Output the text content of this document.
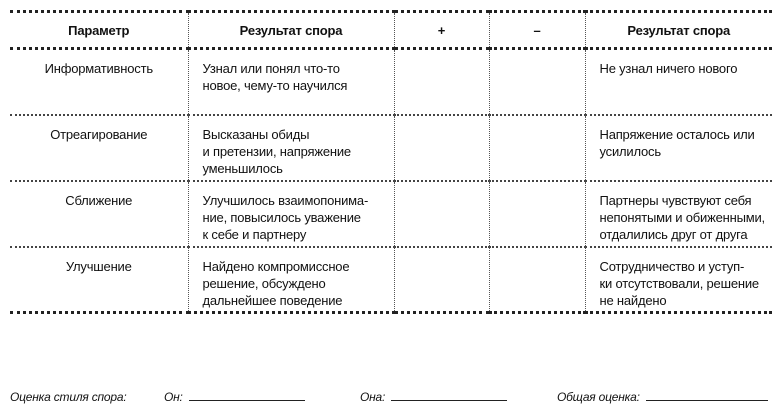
Параметр	Результат спора	+	–	Результат спора
Информативность	Узнал или понял что-то
новое, чему-то научился			Не узнал ничего нового

Отреагирование	Высказаны обиды
и претензии, напряжение
уменьшилось			Напряжение осталось или
усилилось

Сближение	Улучшилось взаимопонима-
ние, повысилось уважение
к себе и партнеру			Партнеры чувствуют себя
непонятыми и обиженными,
отдалились друг от друга

Улучшение	Найдено компромиссное
решение, обсуждено
дальнейшее поведение			Сотрудничество и уступ-
ки отсутствовали, решение
не найдено
Оценка стиля спора:	Он:	Она:	Общая оценка:
